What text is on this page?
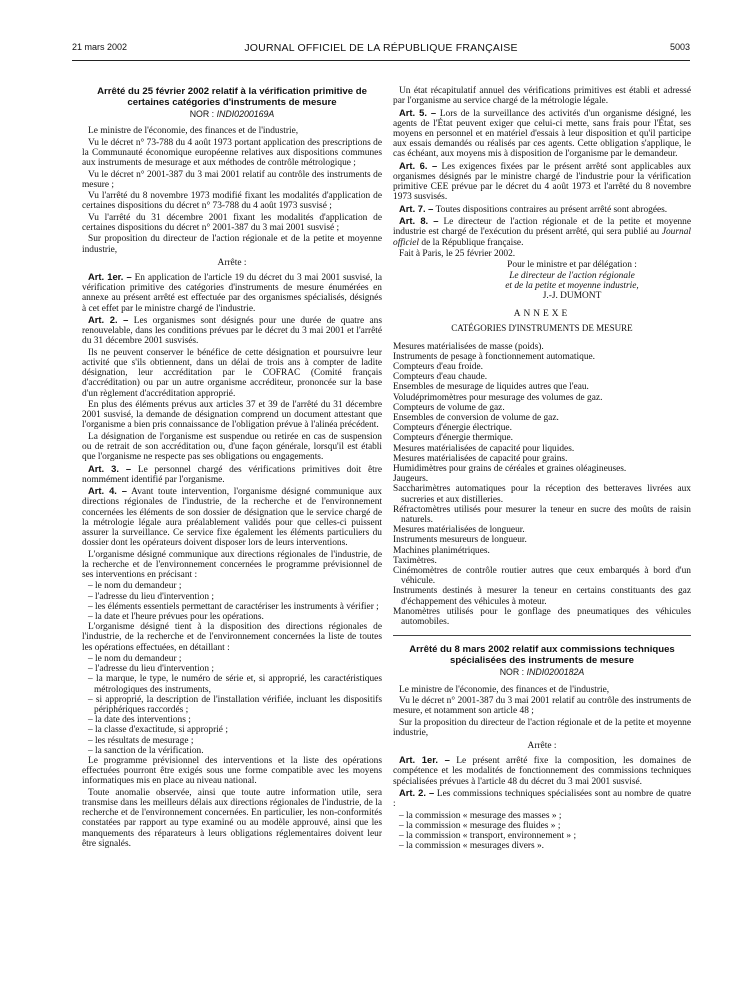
21 mars 2002	JOURNAL OFFICIEL DE LA RÉPUBLIQUE FRANÇAISE	5003

Arrêté du 25 février 2002 relatif à la vérification primitive de certaines catégories d'instruments de mesure

NOR : INDI0200169A

Le ministre de l'économie, des finances et de l'industrie,

Vu le décret n° 73-788 du 4 août 1973 portant application des prescriptions de la Communauté économique européenne relatives aux dispositions communes aux instruments de mesurage et aux méthodes de contrôle métrologique ;

Vu le décret n° 2001-387 du 3 mai 2001 relatif au contrôle des instruments de mesure ;

Vu l'arrêté du 8 novembre 1973 modifié fixant les modalités d'application de certaines dispositions du décret n° 73-788 du 4 août 1973 susvisé ;

Vu l'arrêté du 31 décembre 2001 fixant les modalités d'application de certaines dispositions du décret n° 2001-387 du 3 mai 2001 susvisé ;

Sur proposition du directeur de l'action régionale et de la petite et moyenne industrie,

Arrête :

Art. 1er. – En application de l'article 19 du décret du 3 mai 2001 susvisé, la vérification primitive des catégories d'instruments de mesure énumérées en annexe au présent arrêté est effectuée par des organismes spécialisés, désignés à cet effet par le ministre chargé de l'industrie.

Art. 2. – Les organismes sont désignés pour une durée de quatre ans renouvelable, dans les conditions prévues par le décret du 3 mai 2001 et l'arrêté du 31 décembre 2001 susvisés.

Ils ne peuvent conserver le bénéfice de cette désignation et poursuivre leur activité que s'ils obtiennent, dans un délai de trois ans à compter de ladite désignation, leur accréditation par le COFRAC (Comité français d'accréditation) ou par un autre organisme accréditeur, prononcée sur la base d'un règlement d'accréditation approprié.

En plus des éléments prévus aux articles 37 et 39 de l'arrêté du 31 décembre 2001 susvisé, la demande de désignation comprend un document attestant que l'organisme a bien pris connaissance de l'obligation prévue à l'alinéa précédent.

La désignation de l'organisme est suspendue ou retirée en cas de suspension ou de retrait de son accréditation ou, d'une façon générale, lorsqu'il est établi que l'organisme ne respecte pas ses obligations ou engagements.

Art. 3. – Le personnel chargé des vérifications primitives doit être nommément identifié par l'organisme.

Art. 4. – Avant toute intervention, l'organisme désigné communique aux directions régionales de l'industrie, de la recherche et de l'environnement concernées les éléments de son dossier de désignation que le service chargé de la métrologie légale aura préalablement validés pour que celles-ci puissent assurer la surveillance. Ce service fixe également les éléments particuliers du dossier dont les opérateurs doivent disposer lors de leurs interventions.

L'organisme désigné communique aux directions régionales de l'industrie, de la recherche et de l'environnement concernées le programme prévisionnel de ses interventions en précisant :

– le nom du demandeur ;
– l'adresse du lieu d'intervention ;
– les éléments essentiels permettant de caractériser les instruments à vérifier ;
– la date et l'heure prévues pour les opérations.

L'organisme désigné tient à la disposition des directions régionales de l'industrie, de la recherche et de l'environnement concernées la liste de toutes les opérations effectuées, en détaillant :

– le nom du demandeur ;
– l'adresse du lieu d'intervention ;
– la marque, le type, le numéro de série et, si approprié, les caractéristiques métrologiques des instruments,
– si approprié, la description de l'installation vérifiée, incluant les dispositifs périphériques raccordés ;
– la date des interventions ;
– la classe d'exactitude, si approprié ;
– les résultats de mesurage ;
– la sanction de la vérification.

Le programme prévisionnel des interventions et la liste des opérations effectuées pourront être exigés sous une forme compatible avec les moyens informatiques mis en place au niveau national.

Toute anomalie observée, ainsi que toute autre information utile, sera transmise dans les meilleurs délais aux directions régionales de l'industrie, de la recherche et de l'environnement concernées. En particulier, les non-conformités constatées par rapport au type examiné ou au modèle approuvé, ainsi que les manquements des réparateurs à leurs obligations réglementaires doivent leur être signalés.

Un état récapitulatif annuel des vérifications primitives est établi et adressé par l'organisme au service chargé de la métrologie légale.

Art. 5. – Lors de la surveillance des activités d'un organisme désigné, les agents de l'État peuvent exiger que celui-ci mette, sans frais pour l'État, ses moyens en personnel et en matériel d'essais à leur disposition et qu'il participe aux essais demandés ou réalisés par ces agents. Cette obligation s'applique, le cas échéant, aux moyens mis à disposition de l'organisme par le demandeur.

Art. 6. – Les exigences fixées par le présent arrêté sont applicables aux organismes désignés par le ministre chargé de l'industrie pour la vérification primitive CEE prévue par le décret du 4 août 1973 et l'arrêté du 8 novembre 1973 susvisés.

Art. 7. – Toutes dispositions contraires au présent arrêté sont abrogées.

Art. 8. – Le directeur de l'action régionale et de la petite et moyenne industrie est chargé de l'exécution du présent arrêté, qui sera publié au Journal officiel de la République française.

Fait à Paris, le 25 février 2002.

Pour le ministre et par délégation :
Le directeur de l'action régionale
et de la petite et moyenne industrie,
J.-J. DUMONT
ANNEXE
CATÉGORIES D'INSTRUMENTS DE MESURE

Mesures matérialisées de masse (poids).

Instruments de pesage à fonctionnement automatique.

Compteurs d'eau froide.

Compteurs d'eau chaude.

Ensembles de mesurage de liquides autres que l'eau.

Voludéprimomètres pour mesurage des volumes de gaz.

Compteurs de volume de gaz.

Ensembles de conversion de volume de gaz.

Compteurs d'énergie électrique.

Compteurs d'énergie thermique.

Mesures matérialisées de capacité pour liquides.

Mesures matérialisées de capacité pour grains.

Humidimètres pour grains de céréales et graines oléagineuses.

Jaugeurs.

Saccharimètres automatiques pour la réception des betteraves livrées aux sucreries et aux distilleries.

Réfractomètres utilisés pour mesurer la teneur en sucre des moûts de raisin naturels.

Mesures matérialisées de longueur.

Instruments mesureurs de longueur.

Machines planimétriques.

Taximètres.

Cinémomètres de contrôle routier autres que ceux embarqués à bord d'un véhicule.

Instruments destinés à mesurer la teneur en certains constituants des gaz d'échappement des véhicules à moteur.

Manomètres utilisés pour le gonflage des pneumatiques des véhicules automobiles.

Arrêté du 8 mars 2002 relatif aux commissions techniques spécialisées des instruments de mesure

NOR : INDI0200182A

Le ministre de l'économie, des finances et de l'industrie,

Vu le décret n° 2001-387 du 3 mai 2001 relatif au contrôle des instruments de mesure, et notamment son article 48 ;

Sur la proposition du directeur de l'action régionale et de la petite et moyenne industrie,

Arrête :

Art. 1er. – Le présent arrêté fixe la composition, les domaines de compétence et les modalités de fonctionnement des commissions techniques spécialisées prévues à l'article 48 du décret du 3 mai 2001 susvisé.

Art. 2. – Les commissions techniques spécialisées sont au nombre de quatre :

– la commission « mesurage des masses » ;
– la commission « mesurage des fluides » ;
– la commission « transport, environnement » ;
– la commission « mesurages divers ».
